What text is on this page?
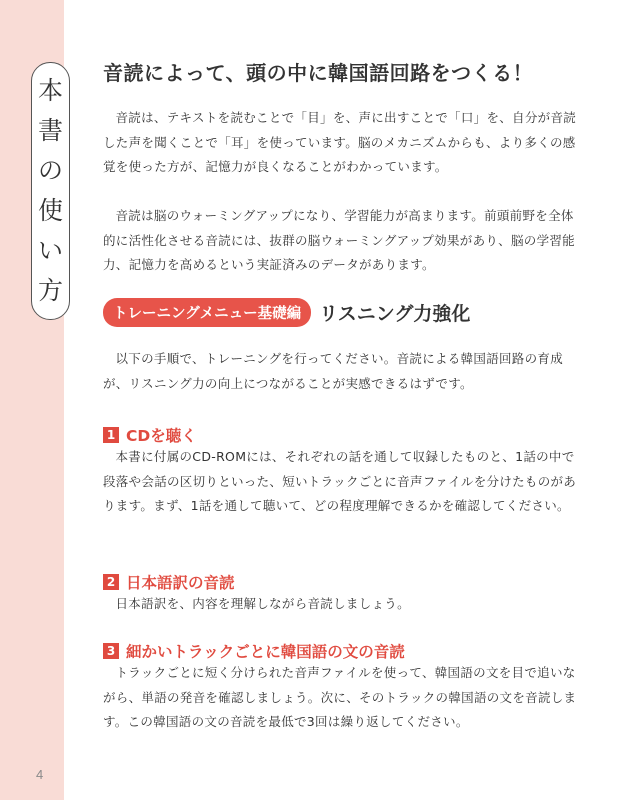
本
書
の
使
い
方
音読によって、頭の中に韓国語回路をつくる！

音読は、テキストを読むことで「目」を、声に出すことで「口」を、自分が音読した声を聞くことで「耳」を使っています。脳のメカニズムからも、より多くの感覚を使った方が、記憶力が良くなることがわかっています。

音読は脳のウォーミングアップになり、学習能力が高まります。前頭前野を全体的に活性化させる音読には、抜群の脳ウォーミングアップ効果があり、脳の学習能力、記憶力を高めるという実証済みのデータがあります。

トレーニングメニュー基礎編 リスニング力強化

以下の手順で、トレーニングを行ってください。音読による韓国語回路の育成が、リスニング力の向上につながることが実感できるはずです。

1 CDを聴く

本書に付属のCD-ROMには、それぞれの話を通して収録したものと、1話の中で段落や会話の区切りといった、短いトラックごとに音声ファイルを分けたものがあります。まず、1話を通して聴いて、どの程度理解できるかを確認してください。

2 日本語訳の音読

日本語訳を、内容を理解しながら音読しましょう。

3 細かいトラックごとに韓国語の文の音読

トラックごとに短く分けられた音声ファイルを使って、韓国語の文を目で追いながら、単語の発音を確認しましょう。次に、そのトラックの韓国語の文を音読します。この韓国語の文の音読を最低で3回は繰り返してください。

4
